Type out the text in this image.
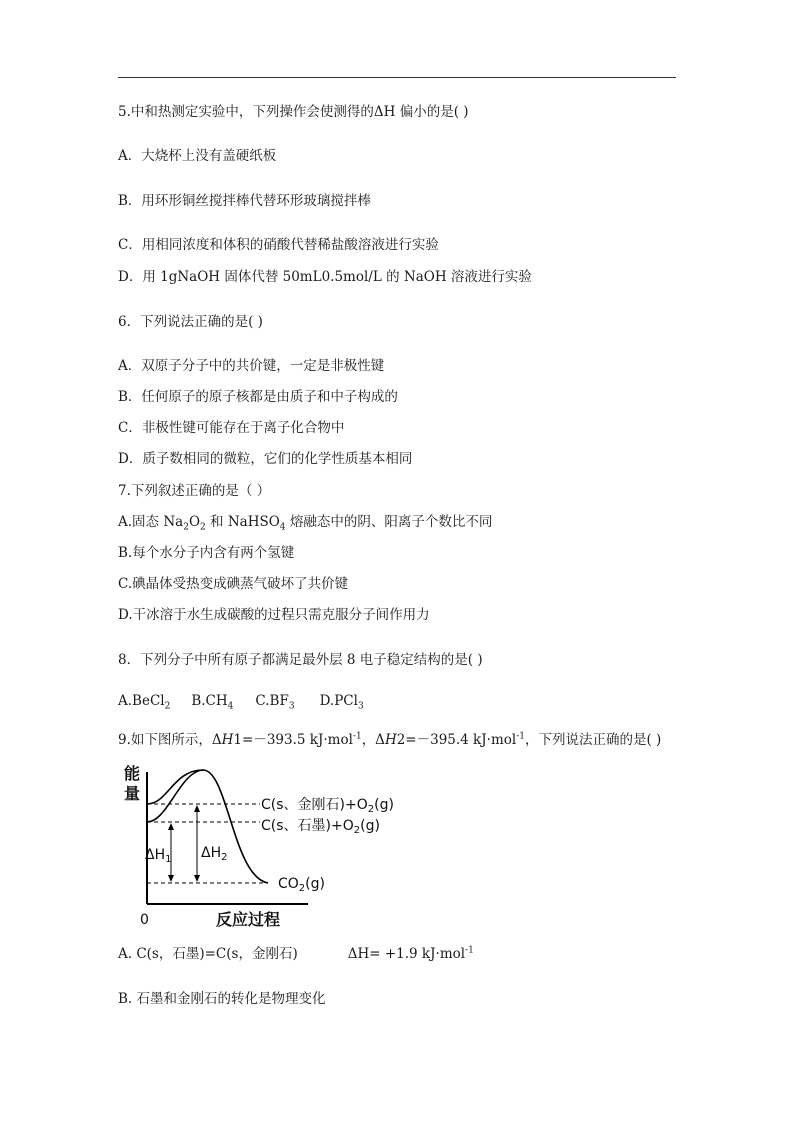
5.中和热测定实验中，下列操作会使测得的ΔH 偏小的是( )
A．大烧杯上没有盖硬纸板
B．用环形铜丝搅拌棒代替环形玻璃搅拌棒
C．用相同浓度和体积的硝酸代替稀盐酸溶液进行实验
D．用 1gNaOH 固体代替 50mL0.5mol/L 的 NaOH 溶液进行实验
6．下列说法正确的是( )
A．双原子分子中的共价键，一定是非极性键
B．任何原子的原子核都是由质子和中子构成的
C．非极性键可能存在于离子化合物中
D．质子数相同的微粒，它们的化学性质基本相同
7.下列叙述正确的是（ ）
A.固态 $Na_2O_2$ 和 NaHSO$_4$ 熔融态中的阴、阳离子个数比不同
B.每个水分子内含有两个氢键
C.碘晶体受热变成碘蒸气破坏了共价键
D.干冰溶于水生成碳酸的过程只需克服分子间作用力
8．下列分子中所有原子都满足最外层 8 电子稳定结构的是( )
A.BeCl$_2$ $B.CH_4$ $C.BF_3$ D.PCl$_3$
9.如下图所示，ΔH1=－393.5 kJ·mol$^{-1}$，ΔH2=－395.4 kJ·mol$^{-1}$，下列说法正确的是( )
能
量
0	反应过程
$\Delta H_1$ $\Delta H_2$
C(s、金刚石)$+O_2(g)$
C(s、石墨)$+O_2(g)$
$CO_2(g)$
A. C(s，石墨)=C(s，金刚石)	ΔH= +1.9 kJ·mol$^{-1}$
B. 石墨和金刚石的转化是物理变化
